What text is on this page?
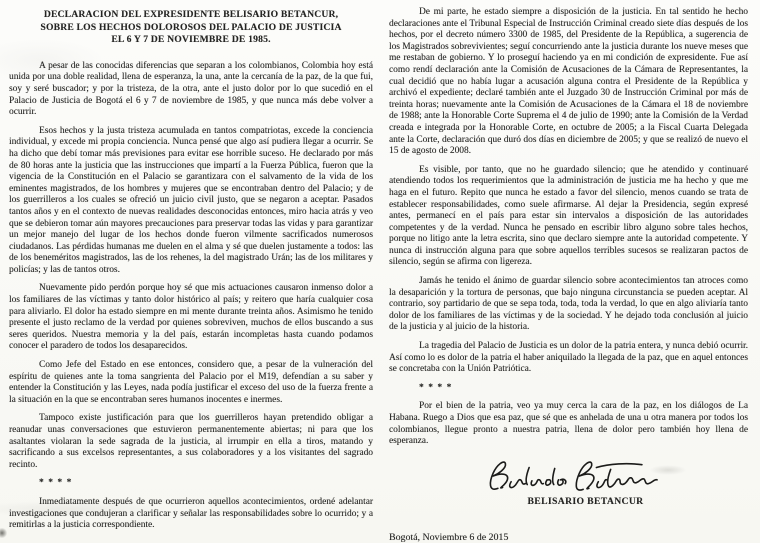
DECLARACION DEL EXPRESIDENTE BELISARIO BETANCUR,
SOBRE LOS HECHOS DOLOROSOS DEL PALACIO DE JUSTICIA
EL 6 Y 7 DE NOVIEMBRE DE 1985.

A pesar de las conocidas diferencias que separan a los colombianos, Colombia hoy está unida por una doble realidad, llena de esperanza, la una, ante la cercanía de la paz, de la que fui, soy y seré buscador; y por la tristeza, de la otra, ante el justo dolor por lo que sucedió en el Palacio de Justicia de Bogotá el 6 y 7 de noviembre de 1985, y que nunca más debe volver a ocurrir.

Esos hechos y la justa tristeza acumulada en tantos compatriotas, excede la conciencia individual, y excede mi propia conciencia. Nunca pensé que algo así pudiera llegar a ocurrir. Se ha dicho que debí tomar más previsiones para evitar ese horrible suceso. He declarado por más de 80 horas ante la justicia que las instrucciones que impartí a la Fuerza Pública, fueron que la vigencia de la Constitución en el Palacio se garantizara con el salvamento de la vida de los eminentes magistrados, de los hombres y mujeres que se encontraban dentro del Palacio; y de los guerrilleros a los cuales se ofreció un juicio civil justo, que se negaron a aceptar. Pasados tantos años y en el contexto de nuevas realidades desconocidas entonces, miro hacia atrás y veo que se debieron tomar aún mayores precauciones para preservar todas las vidas y para garantizar un mejor manejo del lugar de los hechos donde fueron vilmente sacrificados numerosos ciudadanos. Las pérdidas humanas me duelen en el alma y sé que duelen justamente a todos: las de los beneméritos magistrados, las de los rehenes, la del magistrado Urán; las de los militares y policías; y las de tantos otros.

Nuevamente pido perdón porque hoy sé que mis actuaciones causaron inmenso dolor a los familiares de las víctimas y tanto dolor histórico al país; y reitero que haría cualquier cosa para aliviarlo. El dolor ha estado siempre en mi mente durante treinta años. Asimismo he tenido presente el justo reclamo de la verdad por quienes sobreviven, muchos de ellos buscando a sus seres queridos. Nuestra memoria y la del país, estarán incompletas hasta cuando podamos conocer el paradero de todos los desaparecidos.

Como Jefe del Estado en ese entonces, considero que, a pesar de la vulneración del espíritu de quienes ante la toma sangrienta del Palacio por el M19, defendían a su saber y entender la Constitución y las Leyes, nada podía justificar el exceso del uso de la fuerza frente a la situación en la que se encontraban seres humanos inocentes e inermes.

Tampoco existe justificación para que los guerrilleros hayan pretendido obligar a reanudar unas conversaciones que estuvieron permanentemente abiertas; ni para que los asaltantes violaran la sede sagrada de la justicia, al irrumpir en ella a tiros, matando y sacrificando a sus excelsos representantes, a sus colaboradores y a los visitantes del sagrado recinto.

****

Inmediatamente después de que ocurrieron aquellos acontecimientos, ordené adelantar investigaciones que condujeran a clarificar y señalar las responsabilidades sobre lo ocurrido; y a remitirlas a la justicia correspondiente.

De mi parte, he estado siempre a disposición de la justicia. En tal sentido he hecho declaraciones ante el Tribunal Especial de Instrucción Criminal creado siete días después de los hechos, por el decreto número 3300 de 1985, del Presidente de la República, a sugerencia de los Magistrados sobrevivientes; seguí concurriendo ante la justicia durante los nueve meses que me restaban de gobierno. Y lo proseguí haciendo ya en mi condición de expresidente. Fue así como rendí declaración ante la Comisión de Acusaciones de la Cámara de Representantes, la cual decidió que no había lugar a acusación alguna contra el Presidente de la República y archivó el expediente; declaré también ante el Juzgado 30 de Instrucción Criminal por más de treinta horas; nuevamente ante la Comisión de Acusaciones de la Cámara el 18 de noviembre de 1988; ante la Honorable Corte Suprema el 4 de julio de 1990; ante la Comisión de la Verdad creada e integrada por la Honorable Corte, en octubre de 2005; a la Fiscal Cuarta Delegada ante la Corte, declaración que duró dos días en diciembre de 2005; y que se realizó de nuevo el 15 de agosto de 2008.

Es visible, por tanto, que no he guardado silencio; que he atendido y continuaré atendiendo todos los requerimientos que la administración de justicia me ha hecho y que me haga en el futuro. Repito que nunca he estado a favor del silencio, menos cuando se trata de establecer responsabilidades, como suele afirmarse. Al dejar la Presidencia, según expresé antes, permanecí en el país para estar sin intervalos a disposición de las autoridades competentes y de la verdad. Nunca he pensado en escribir libro alguno sobre tales hechos, porque no litigo ante la letra escrita, sino que declaro siempre ante la autoridad competente. Y nunca di instrucción alguna para que sobre aquellos terribles sucesos se realizaran pactos de silencio, según se afirma con ligereza.

Jamás he tenido el ánimo de guardar silencio sobre acontecimientos tan atroces como la desaparición y la tortura de personas, que bajo ninguna circunstancia se pueden aceptar. Al contrario, soy partidario de que se sepa toda, toda, toda la verdad, lo que en algo aliviaría tanto dolor de los familiares de las víctimas y de la sociedad. Y he dejado toda conclusión al juicio de la justicia y al juicio de la historia.

La tragedia del Palacio de Justicia es un dolor de la patria entera, y nunca debió ocurrir. Así como lo es dolor de la patria el haber aniquilado la llegada de la paz, que en aquel entonces se concretaba con la Unión Patriótica.

****

Por el bien de la patria, veo ya muy cerca la cara de la paz, en los diálogos de La Habana. Ruego a Dios que esa paz, que sé que es anhelada de una u otra manera por todos los colombianos, llegue pronto a nuestra patria, llena de dolor pero también hoy llena de esperanza.

BELISARIO BETANCUR
Bogotá, Noviembre 6 de 2015
